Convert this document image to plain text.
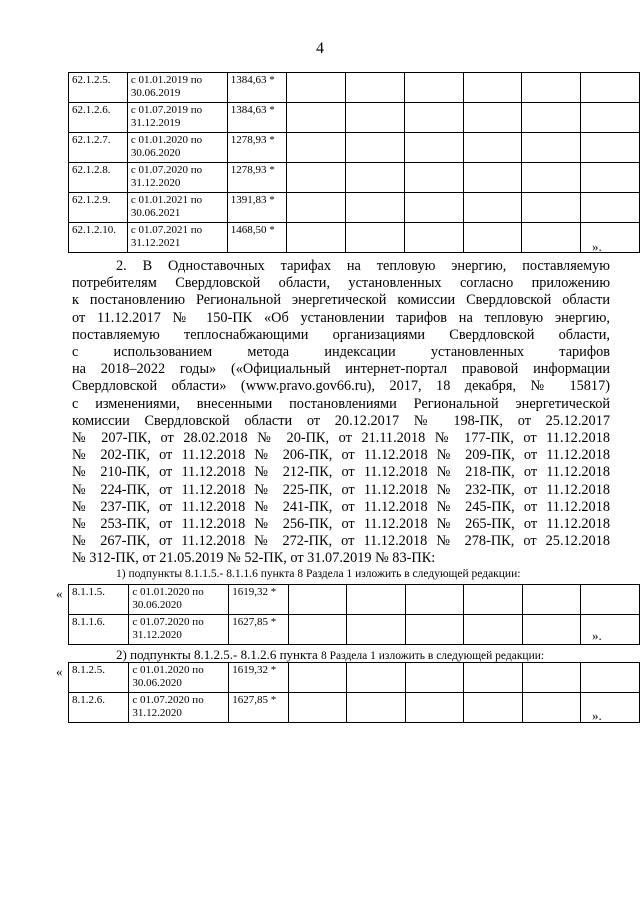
4
62.1.2.5.	с 01.01.2019 по
30.06.2019	1384,63 *						
62.1.2.6.	с 01.07.2019 по
31.12.2019	1384,63 *						
62.1.2.7.	с 01.01.2020 по
30.06.2020	1278,93 *						
62.1.2.8.	с 01.07.2020 по
31.12.2020	1278,93 *						
62.1.2.9.	с 01.01.2021 по
30.06.2021	1391,83 *						
62.1.2.10.	с 01.07.2021 по
31.12.2021	1468,50 *						
».
2. В Одноставочных тарифах на тепловую энергию, поставляемую
потребителям Свердловской области, установленных согласно приложению
к постановлению Региональной энергетической комиссии Свердловской области
от 11.12.2017 № 150-ПК «Об установлении тарифов на тепловую энергию,
поставляемую теплоснабжающими организациями Свердловской области,
с использованием метода индексации установленных тарифов
на 2018–2022 годы» («Официальный интернет-портал правовой информации
Свердловской области» (www.pravo.gov66.ru), 2017, 18 декабря, № 15817)
с изменениями, внесенными постановлениями Региональной энергетической
комиссии Свердловской области от 20.12.2017 № 198-ПК, от 25.12.2017
№ 207-ПК, от 28.02.2018 № 20-ПК, от 21.11.2018 № 177-ПК, от 11.12.2018
№ 202-ПК, от 11.12.2018 № 206-ПК, от 11.12.2018 № 209-ПК, от 11.12.2018
№ 210-ПК, от 11.12.2018 № 212-ПК, от 11.12.2018 № 218-ПК, от 11.12.2018
№ 224-ПК, от 11.12.2018 № 225-ПК, от 11.12.2018 № 232-ПК, от 11.12.2018
№ 237-ПК, от 11.12.2018 № 241-ПК, от 11.12.2018 № 245-ПК, от 11.12.2018
№ 253-ПК, от 11.12.2018 № 256-ПК, от 11.12.2018 № 265-ПК, от 11.12.2018
№ 267-ПК, от 11.12.2018 № 272-ПК, от 11.12.2018 № 278-ПК, от 25.12.2018
№ 312-ПК, от 21.05.2019 № 52-ПК, от 31.07.2019 № 83-ПК:
1) подпункты 8.1.1.5.- 8.1.1.6 пункта 8 Раздела 1 изложить в следующей редакции:
« 8.1.1.5.	с 01.01.2020 по
30.06.2020	1619,32 *						
8.1.1.6.	с 01.07.2020 по
31.12.2020	1627,85 *						
».
2) подпункты 8.1.2.5.- 8.1.2.6 пункта 8 Раздела 1 изложить в следующей редакции:
« 8.1.2.5.	с 01.01.2020 по
30.06.2020	1619,32 *						
8.1.2.6.	с 01.07.2020 по
31.12.2020	1627,85 *						
».
